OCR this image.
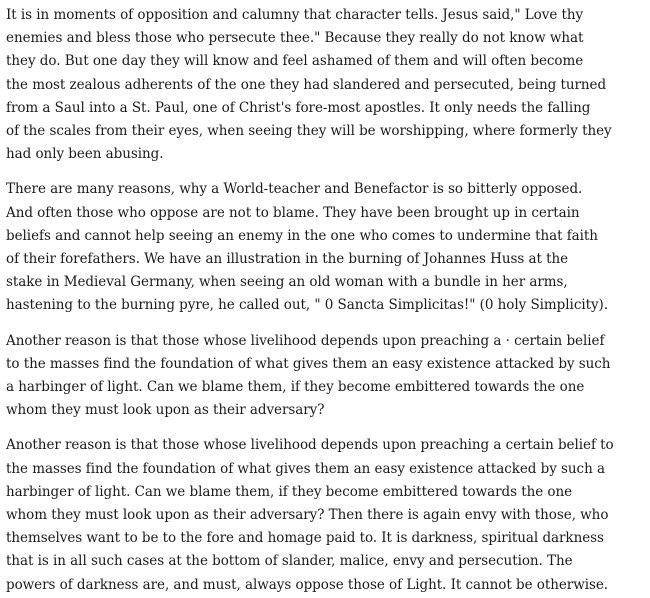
It is in moments of opposition and calumny that character tells. Jesus said," Love thy
enemies and bless those who persecute thee." Because they really do not know what
they do. But one day they will know and feel ashamed of them and will often become
the most zealous adherents of the one they had slandered and persecuted, being turned
from a Saul into a St. Paul, one of Christ's fore-most apostles. It only needs the falling
of the scales from their eyes, when seeing they will be worshipping, where formerly they
had only been abusing.

There are many reasons, why a World-teacher and Benefactor is so bitterly opposed.
And often those who oppose are not to blame. They have been brought up in certain
beliefs and cannot help seeing an enemy in the one who comes to undermine that faith
of their forefathers. We have an illustration in the burning of Johannes Huss at the
stake in Medieval Germany, when seeing an old woman with a bundle in her arms,
hastening to the burning pyre, he called out, " 0 Sancta Simplicitas!" (0 holy Simplicity).

Another reason is that those whose livelihood depends upon preaching a · certain belief
to the masses find the foundation of what gives them an easy existence attacked by such
a harbinger of light. Can we blame them, if they become embittered towards the one
whom they must look upon as their adversary?

Another reason is that those whose livelihood depends upon preaching a certain belief to
the masses find the foundation of what gives them an easy existence attacked by such a
harbinger of light. Can we blame them, if they become embittered towards the one
whom they must look upon as their adversary? Then there is again envy with those, who
themselves want to be to the fore and homage paid to. It is darkness, spiritual darkness
that is in all such cases at the bottom of slander, malice, envy and persecution. The
powers of darkness are, and must, always oppose those of Light. It cannot be otherwise.
